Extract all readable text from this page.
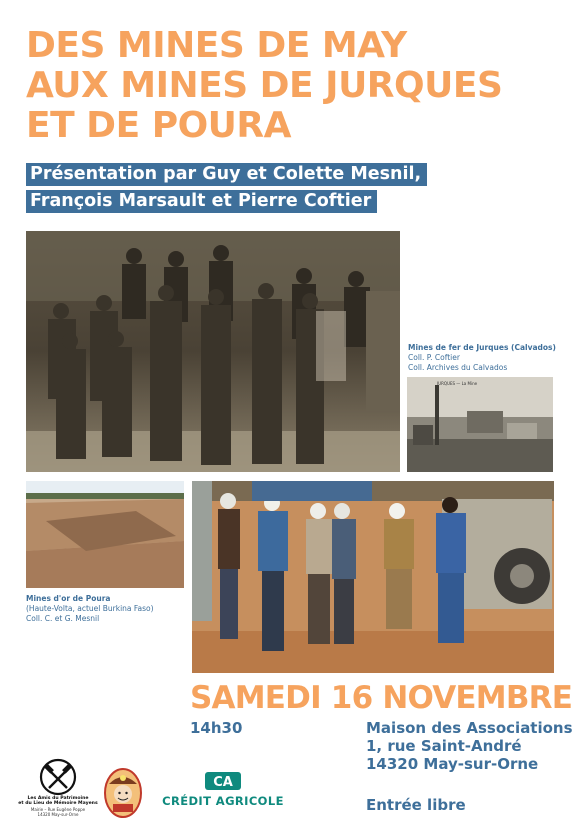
DES MINES DE MAY
AUX MINES DE JURQUES
ET DE POURA
Présentation par Guy et Colette Mesnil,
François Marsault et Pierre Coftier
Mines de fer de Jurques (Calvados)
Coll. P. Coftier
Coll. Archives du Calvados
JURQUES — La Mine
Mines d'or de Poura
(Haute-Volta, actuel Burkina Faso)
Coll. C. et G. Mesnil
SAMEDI 16 NOVEMBRE
14h30	Maison des Associations
1, rue Saint-André
14320 May-sur-Orne
Entrée libre
Les Amis du Patrimoine
et du Lieu de Mémoire Mayens
Mairie – Rue Eugène Poppe
14320 May-sur-Orne
CA
CRÉDIT AGRICOLE
